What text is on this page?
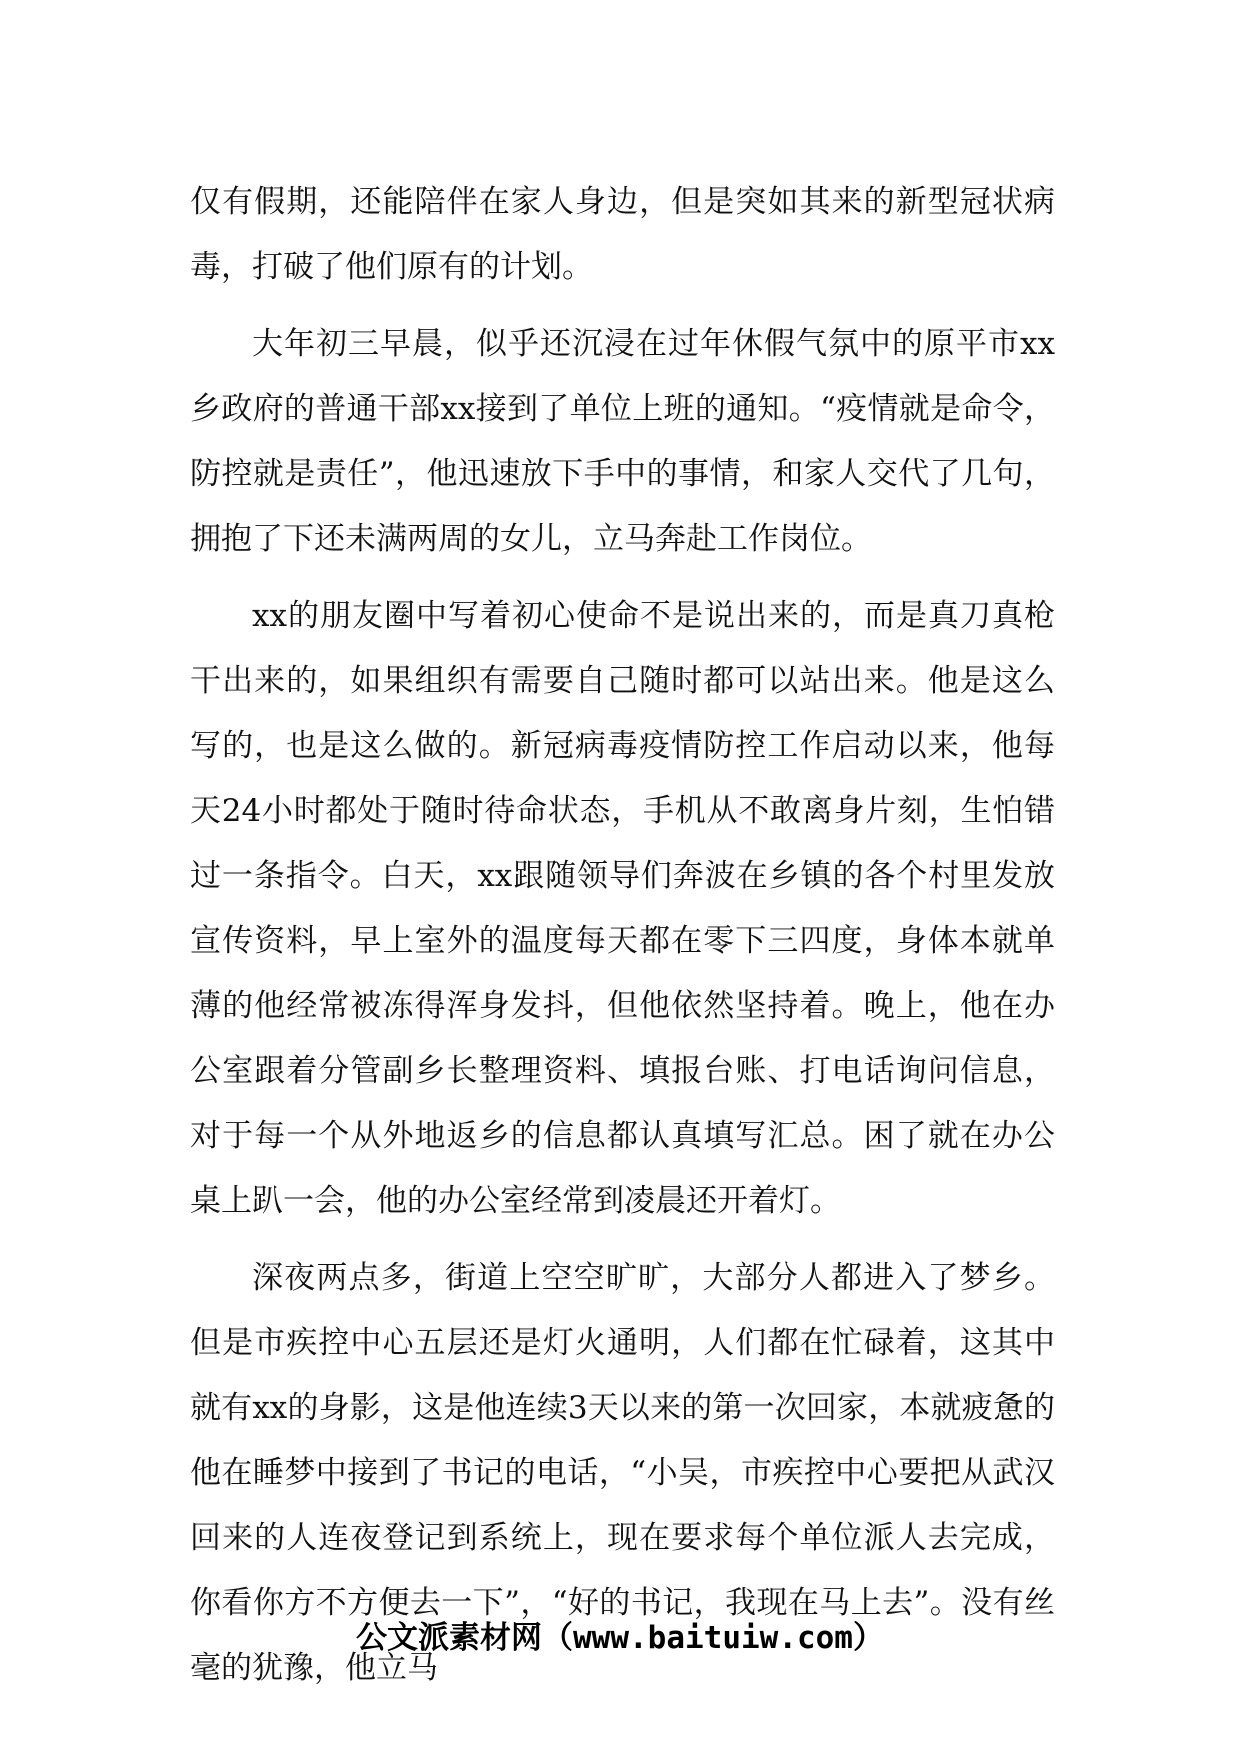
仅有假期，还能陪伴在家人身边，但是突如其来的新型冠状病毒，打破了他们原有的计划。

大年初三早晨，似乎还沉浸在过年休假气氛中的原平市xx乡政府的普通干部xx接到了单位上班的通知。“疫情就是命令，防控就是责任”，他迅速放下手中的事情，和家人交代了几句，拥抱了下还未满两周的女儿，立马奔赴工作岗位。

xx的朋友圈中写着初心使命不是说出来的，而是真刀真枪干出来的，如果组织有需要自己随时都可以站出来。他是这么写的，也是这么做的。新冠病毒疫情防控工作启动以来，他每天24小时都处于随时待命状态，手机从不敢离身片刻，生怕错过一条指令。白天，xx跟随领导们奔波在乡镇的各个村里发放宣传资料，早上室外的温度每天都在零下三四度，身体本就单薄的他经常被冻得浑身发抖，但他依然坚持着。晚上，他在办公室跟着分管副乡长整理资料、填报台账、打电话询问信息，对于每一个从外地返乡的信息都认真填写汇总。困了就在办公桌上趴一会，他的办公室经常到凌晨还开着灯。

深夜两点多，街道上空空旷旷，大部分人都进入了梦乡。但是市疾控中心五层还是灯火通明，人们都在忙碌着，这其中就有xx的身影，这是他连续3天以来的第一次回家，本就疲惫的他在睡梦中接到了书记的电话，“小吴，市疾控中心要把从武汉回来的人连夜登记到系统上，现在要求每个单位派人去完成，你看你方不方便去一下”，“好的书记，我现在马上去”。没有丝毫的犹豫，他立马

公文派素材网（www.baituiw.com）
